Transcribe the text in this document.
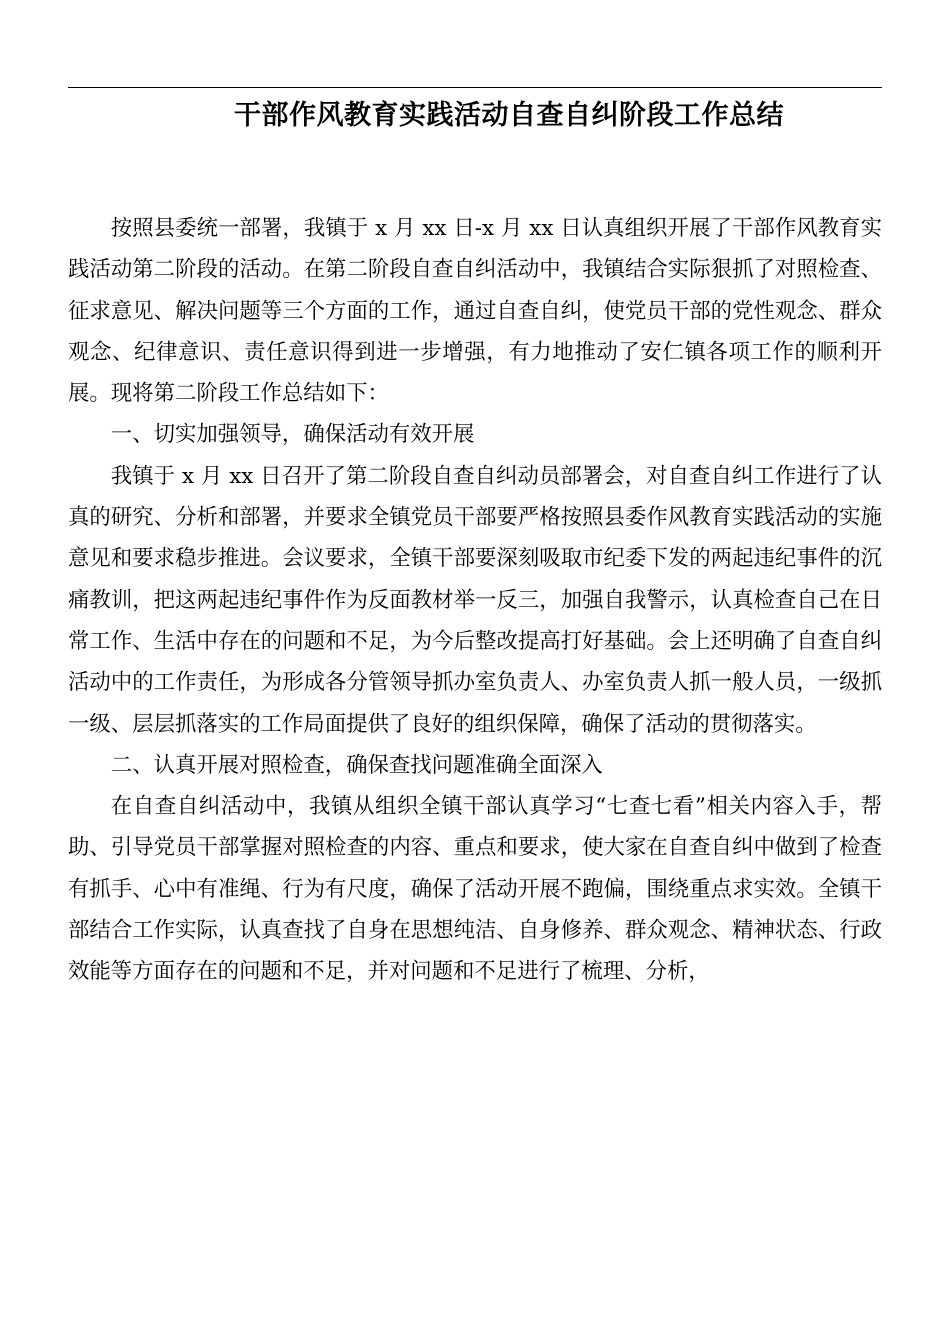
干部作风教育实践活动自查自纠阶段工作总结

按照县委统一部署，我镇于 x 月 xx 日-x 月 xx 日认真组织开展了干部作风教育实践活动第二阶段的活动。在第二阶段自查自纠活动中，我镇结合实际狠抓了对照检查、征求意见、解决问题等三个方面的工作，通过自查自纠，使党员干部的党性观念、群众观念、纪律意识、责任意识得到进一步增强，有力地推动了安仁镇各项工作的顺利开展。现将第二阶段工作总结如下：

一、切实加强领导，确保活动有效开展

我镇于 x 月 xx 日召开了第二阶段自查自纠动员部署会，对自查自纠工作进行了认真的研究、分析和部署，并要求全镇党员干部要严格按照县委作风教育实践活动的实施意见和要求稳步推进。会议要求，全镇干部要深刻吸取市纪委下发的两起违纪事件的沉痛教训，把这两起违纪事件作为反面教材举一反三，加强自我警示，认真检查自己在日常工作、生活中存在的问题和不足，为今后整改提高打好基础。会上还明确了自查自纠活动中的工作责任，为形成各分管领导抓办室负责人、办室负责人抓一般人员，一级抓一级、层层抓落实的工作局面提供了良好的组织保障，确保了活动的贯彻落实。

二、认真开展对照检查，确保查找问题准确全面深入

在自查自纠活动中，我镇从组织全镇干部认真学习“七查七看”相关内容入手，帮助、引导党员干部掌握对照检查的内容、重点和要求，使大家在自查自纠中做到了检查有抓手、心中有准绳、行为有尺度，确保了活动开展不跑偏，围绕重点求实效。全镇干部结合工作实际，认真查找了自身在思想纯洁、自身修养、群众观念、精神状态、行政效能等方面存在的问题和不足，并对问题和不足进行了梳理、分析，
